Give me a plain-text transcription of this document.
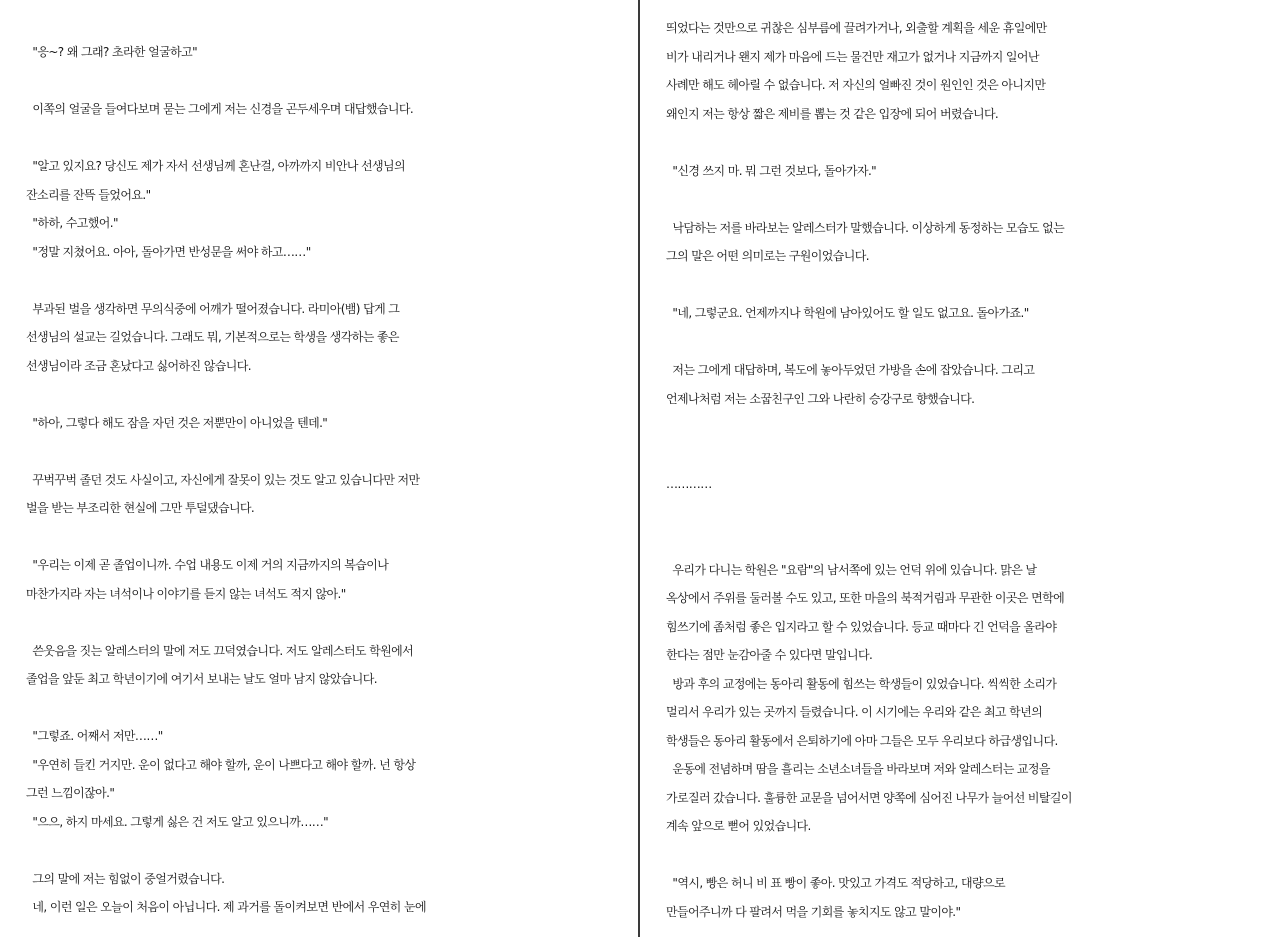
"응~? 왜 그래? 초라한 얼굴하고"
이쪽의 얼굴을 들여다보며 묻는 그에게 저는 신경을 곤두세우며 대답했습니다.
"알고 있지요? 당신도 제가 자서 선생님께 혼난걸, 아까까지 비안나 선생님의
잔소리를 잔뜩 들었어요."
"하하, 수고했어."
"정말 지쳤어요. 아아, 돌아가면 반성문을 써야 하고……"
부과된 벌을 생각하면 무의식중에 어깨가 떨어졌습니다. 라미아(뱀) 답게 그
선생님의 설교는 길었습니다. 그래도 뭐, 기본적으로는 학생을 생각하는 좋은
선생님이라 조금 혼났다고 싫어하진 않습니다.
"하아, 그렇다 해도 잠을 자던 것은 저뿐만이 아니었을 텐데."
꾸벅꾸벅 졸던 것도 사실이고, 자신에게 잘못이 있는 것도 알고 있습니다만 저만
벌을 받는 부조리한 현실에 그만 투덜댔습니다.
"우리는 이제 곧 졸업이니까. 수업 내용도 이제 거의 지금까지의 복습이나
마찬가지라 자는 녀석이나 이야기를 듣지 않는 녀석도 적지 않아."
쓴웃음을 짓는 알레스터의 말에 저도 끄덕였습니다. 저도 알레스터도 학원에서
졸업을 앞둔 최고 학년이기에 여기서 보내는 날도 얼마 남지 않았습니다.
"그렇죠. 어째서 저만……"
"우연히 들킨 거지만. 운이 없다고 해야 할까, 운이 나쁘다고 해야 할까. 넌 항상
그런 느낌이잖아."
"으으, 하지 마세요. 그렇게 싫은 건 저도 알고 있으니까……"
그의 말에 저는 힘없이 중얼거렸습니다.
네, 이런 일은 오늘이 처음이 아닙니다. 제 과거를 돌이켜보면 반에서 우연히 눈에
띄었다는 것만으로 귀찮은 심부름에 끌려가거나, 외출할 계획을 세운 휴일에만
비가 내리거나 왠지 제가 마음에 드는 물건만 재고가 없거나 지금까지 일어난
사례만 해도 헤아릴 수 없습니다. 저 자신의 얼빠진 것이 원인인 것은 아니지만
왜인지 저는 항상 짧은 제비를 뽑는 것 같은 입장에 되어 버렸습니다.
"신경 쓰지 마. 뭐 그런 것보다, 돌아가자."
낙담하는 저를 바라보는 알레스터가 말했습니다. 이상하게 동정하는 모습도 없는
그의 말은 어떤 의미로는 구원이었습니다.
"네, 그렇군요. 언제까지나 학원에 남아있어도 할 일도 없고요. 돌아가죠."
저는 그에게 대답하며, 복도에 놓아두었던 가방을 손에 잡았습니다. 그리고
언제나처럼 저는 소꿉친구인 그와 나란히 승강구로 향했습니다.
…………
우리가 다니는 학원은 "요람"의 남서쪽에 있는 언덕 위에 있습니다. 맑은 날
옥상에서 주위를 둘러볼 수도 있고, 또한 마을의 북적거림과 무관한 이곳은 면학에
힘쓰기에 좀처럼 좋은 입지라고 할 수 있었습니다. 등교 때마다 긴 언덕을 올라야
한다는 점만 눈감아줄 수 있다면 말입니다.
방과 후의 교정에는 동아리 활동에 힘쓰는 학생들이 있었습니다. 씩씩한 소리가
멀리서 우리가 있는 곳까지 들렸습니다. 이 시기에는 우리와 같은 최고 학년의
학생들은 동아리 활동에서 은퇴하기에 아마 그들은 모두 우리보다 하급생입니다.
운동에 전념하며 땀을 흘리는 소년소녀들을 바라보며 저와 알레스터는 교정을
가로질러 갔습니다. 훌륭한 교문을 넘어서면 양쪽에 심어진 나무가 늘어선 비탈길이
계속 앞으로 뻗어 있었습니다.
"역시, 빵은 허니 비 표 빵이 좋아. 맛있고 가격도 적당하고, 대량으로
만들어주니까 다 팔려서 먹을 기회를 놓치지도 않고 말이야."
